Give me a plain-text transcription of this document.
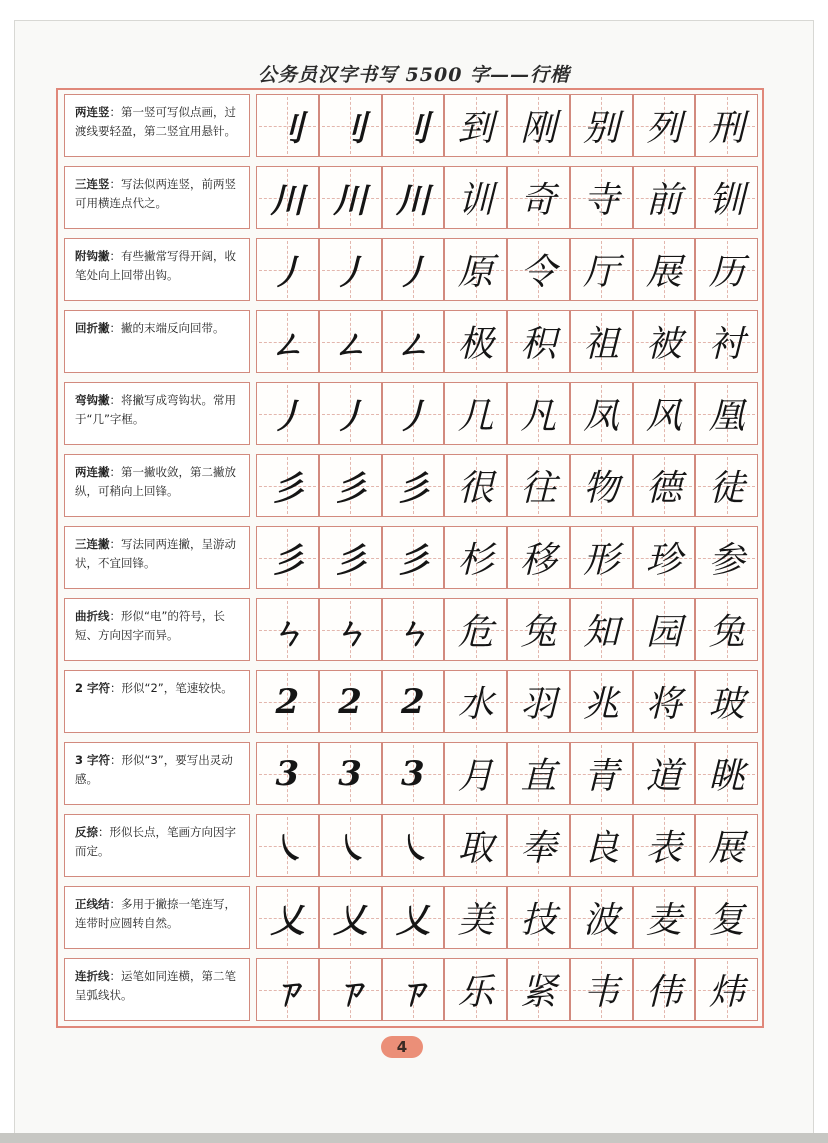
公务员汉字书写 5500 字——行楷
两连竖：第一竖可写似点画，过渡线要轻盈，第二竖宜用悬针。	刂 刂 刂 到 刚 别 列 刑
三连竖：写法似两连竖，前两竖可用横连点代之。	川 川 川 训 奇 寺 前 钏
附钩撇：有些撇常写得开阔，收笔处向上回带出钩。	丿 丿 丿 原 令 厅 展 历
回折撇：撇的末端反向回带。	ㄥ ㄥ ㄥ 极 积 祖 被 衬
弯钩撇：将撇写成弯钩状。常用于“几”字框。	丿 丿 丿 几 凡 凤 风 凰
两连撇：第一撇收敛，第二撇放纵，可稍向上回锋。	彡 彡 彡 很 往 物 德 徒
三连撇：写法同两连撇，呈游动状，不宜回锋。	彡 彡 彡 杉 移 形 珍 参
曲折线：形似“电”的符号，长短、方向因字而异。	ㄣ ㄣ ㄣ 危 兔 知 园 兔
2 字符：形似“2”，笔速较快。	2	2	2 水 羽 兆 将 玻
3 字符：形似“3”，要写出灵动感。	3	3	3 月 直 青 道 眺
反捺：形似长点，笔画方向因字而定。	㇏ ㇏ ㇏ 取 奉 良 表 展
正线结：多用于撇捺一笔连写，连带时应圆转自然。	乂 乂 乂 美 技 波 麦 复
连折线：运笔如同连横，第二笔呈弧线状。	ㄗ ㄗ ㄗ 乐 紧 韦 伟 炜
4
